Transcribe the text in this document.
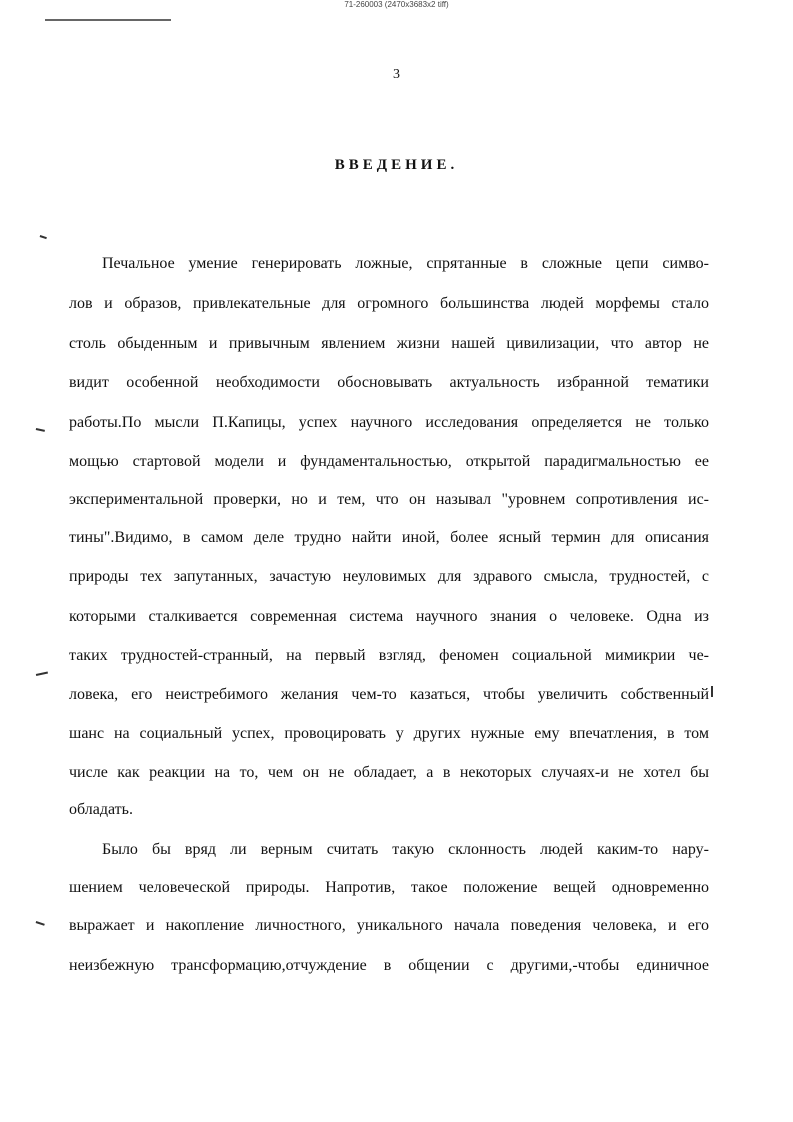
71-260003 (2470x3683x2 tiff)
3
ВВЕДЕНИЕ.
Печальное умение генерировать ложные, спрятанные в сложные цепи симво-
лов и образов, привлекательные для огромного большинства людей морфемы стало
столь обыденным и привычным явлением жизни нашей цивилизации, что автор не
видит особенной необходимости обосновывать актуальность избранной тематики
работы.По мысли П.Капицы, успех научного исследования определяется не только
мощью стартовой модели и фундаментальностью, открытой парадигмальностью ее
экспериментальной проверки, но и тем, что он называл "уровнем сопротивления ис-
тины".Видимо, в самом деле трудно найти иной, более ясный термин для описания
природы тех запутанных, зачастую неуловимых для здравого смысла, трудностей, с
которыми сталкивается современная система научного знания о человеке. Одна из
таких трудностей-странный, на первый взгляд, феномен социальной мимикрии че-
ловека, его неистребимого желания чем-то казаться, чтобы увеличить собственный
шанс на социальный успех, провоцировать у других нужные ему впечатления, в том
числе как реакции на то, чем он не обладает, а в некоторых случаях-и не хотел бы
обладать.
Было бы вряд ли верным считать такую склонность людей каким-то нару-
шением человеческой природы. Напротив, такое положение вещей одновременно
выражает и накопление личностного, уникального начала поведения человека, и его
неизбежную трансформацию,отчуждение в общении с другими,-чтобы единичное
